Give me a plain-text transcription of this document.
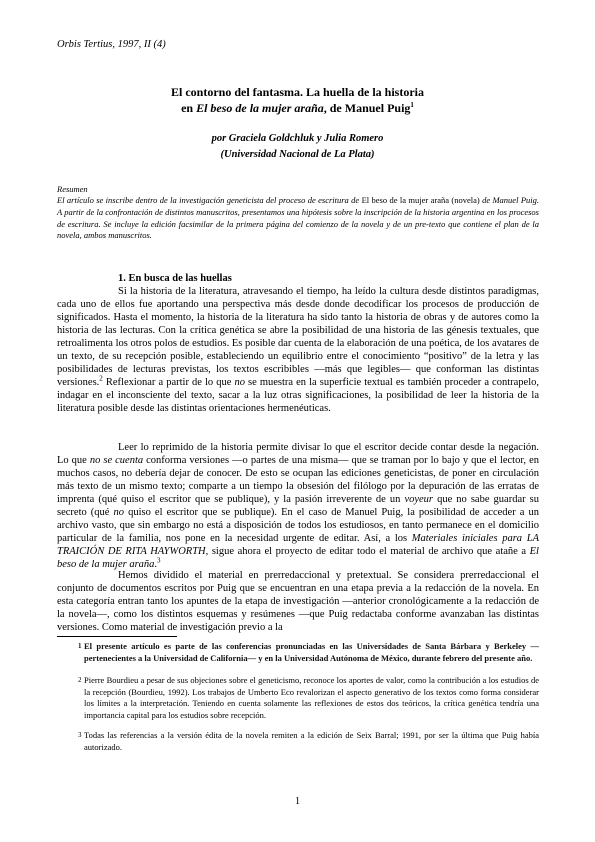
Orbis Tertius, 1997, II (4)
El contorno del fantasma. La huella de la historia
en El beso de la mujer araña, de Manuel Puig$^1$
por Graciela Goldchluk y Julia Romero
(Universidad Nacional de La Plata)
Resumen
El artículo se inscribe dentro de la investigación geneticista del proceso de escritura de El beso de la mujer araña (novela) de Manuel Puig. A partir de la confrontación de distintos manuscritos, presentamos una hipótesis sobre la inscripción de la historia argentina en los procesos de escritura. Se incluye la edición facsimilar de la primera página del comienzo de la novela y de un pre-texto que contiene el plan de la novela, ambos manuscritos.
1. En busca de las huellas

Si la historia de la literatura, atravesando el tiempo, ha leído la cultura desde distintos paradigmas, cada uno de ellos fue aportando una perspectiva más desde donde decodificar los procesos de producción de significados. Hasta el momento, la historia de la literatura ha sido tanto la historia de obras y de autores como la historia de las lecturas. Con la crítica genética se abre la posibilidad de una historia de las génesis textuales, que retroalimenta los otros polos de estudios. Es posible dar cuenta de la elaboración de una poética, de los avatares de un texto, de su recepción posible, estableciendo un equilibrio entre el conocimiento “positivo” de la letra y las posibilidades de lecturas previstas, los textos escribibles —más que legibles— que conforman las distintas versiones.$^2$ Reflexionar a partir de lo que no se muestra en la superficie textual es también proceder a contrapelo, indagar en el inconsciente del texto, sacar a la luz otras significaciones, la posibilidad de leer la historia de la literatura posible desde las distintas orientaciones hermenéuticas.

Leer lo reprimido de la historia permite divisar lo que el escritor decide contar desde la negación. Lo que no se cuenta conforma versiones —o partes de una misma— que se traman por lo bajo y que el lector, en muchos casos, no debería dejar de conocer. De esto se ocupan las ediciones geneticistas, de poner en circulación más texto de un mismo texto; comparte a un tiempo la obsesión del filólogo por la depuración de las erratas de imprenta (qué quiso el escritor que se publique), y la pasión irreverente de un voyeur que no sabe guardar su secreto (qué no quiso el escritor que se publique). En el caso de Manuel Puig, la posibilidad de acceder a un archivo vasto, que sin embargo no está a disposición de todos los estudiosos, en tanto permanece en el domicilio particular de la familia, nos pone en la necesidad urgente de editar. Así, a los Materiales iniciales para LA TRAICIÓN DE RITA HAYWORTH, sigue ahora el proyecto de editar todo el material de archivo que atañe a El beso de la mujer araña.$^3$

Hemos dividido el material en prerredaccional y pretextual. Se considera prerredaccional el conjunto de documentos escritos por Puig que se encuentran en una etapa previa a la redacción de la novela. En esta categoría entran tanto los apuntes de la etapa de investigación —anterior cronológicamente a la redacción de la novela—, como los distintos esquemas y resúmenes —que Puig redactaba conforme avanzaban las distintas versiones. Como material de investigación previo a la

1 El presente artículo es parte de las conferencias pronunciadas en las Universidades de Santa Bárbara y Berkeley —pertenecientes a la Universidad de California— y en la Universidad Autónoma de México, durante febrero del presente año.
2 Pierre Bourdieu a pesar de sus objeciones sobre el geneticismo, reconoce los aportes de valor, como la contribución a los estudios de la recepción (Bourdieu, 1992). Los trabajos de Umberto Eco revalorizan el aspecto generativo de los textos como forma considerar los límites a la interpretación. Teniendo en cuenta solamente las reflexiones de estos dos teóricos, la crítica genética tendría una importancia capital para los estudios sobre recepción.
3 Todas las referencias a la versión édita de la novela remiten a la edición de Seix Barral; 1991, por ser la última que Puig había autorizado.
1
